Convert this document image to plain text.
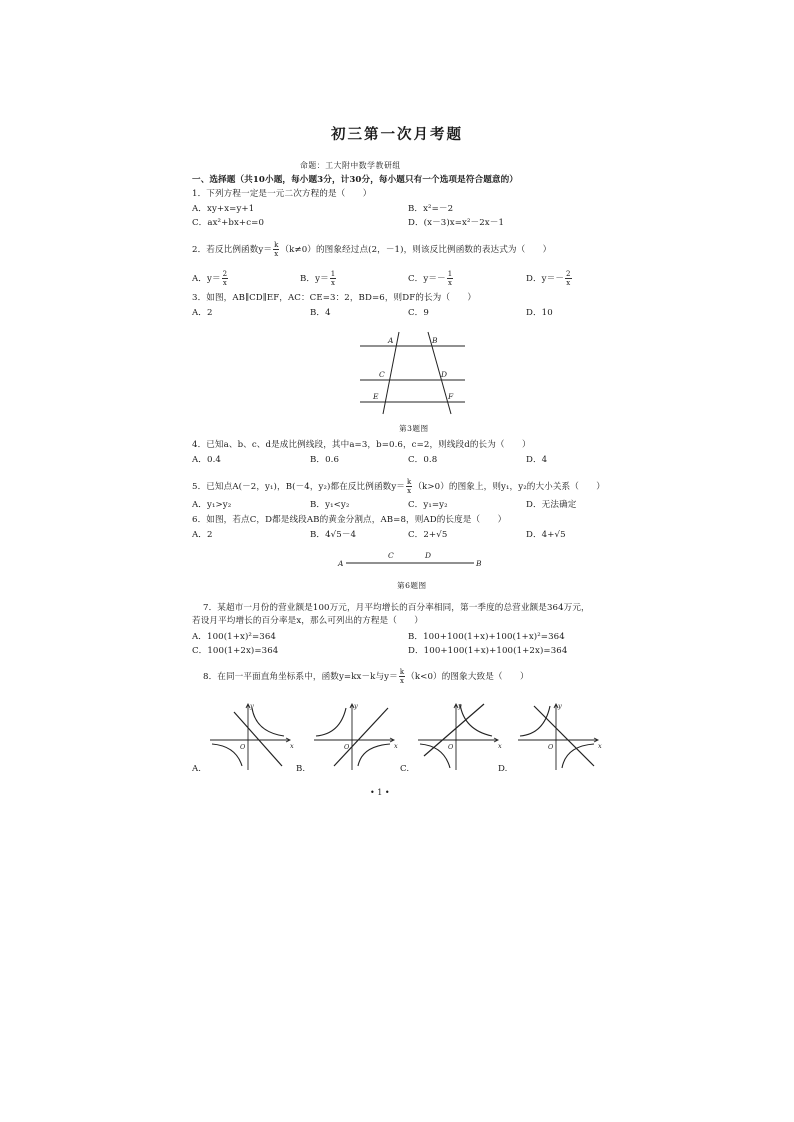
初三第一次月考题
命题：工大附中数学教研组
一、选择题（共10小题，每小题3分，计30分，每小题只有一个选项是符合题意的）
1．下列方程一定是一元二次方程的是（　　）
A．xy+x=y+1	B．x²=－2
C．ax²+bx+c=0	D．(x－3)x=x²－2x－1
2．若反比例函数$y= \frac{k}{x} (k\ne 0)$的图象经过点(2，－1)，则该反比例函数的表达式为（　　）
A．$y= \frac{2}{x}$	B．$y= \frac{1}{x}$	C．$y=- \frac{1}{x}$	D．$y=- \frac{2}{x}$
3．如图，AB∥CD∥EF，AC：CE=3：2，BD=6，则DF的长为（　　）
A．2	B．4	C．9	D．10
A	B
C	D
E	F
第3题图
4．已知a、b、c、d是成比例线段，其中a=3，b=0.6，c=2，则线段d的长为（　　）
A．0.4	B．0.6	C．0.8	D．4
5．已知点A(－2，y₁)，B(－4，y₂)都在反比例函数$y= \frac{k}{x} (k>0)$的图象上，则y₁，y₂的大小关系（　　）
A．y₁>y₂	B．y₁<y₂	C．y₁=y₂	D．无法确定
6．如图，若点C，D都是线段AB的黄金分割点，AB=8，则AD的长度是（　　）
A．2	B．4√5－4	C．2+√5	D．4+√5
A
C	D
B
第6题图
7．某超市一月份的营业额是100万元，月平均增长的百分率相同，第一季度的总营业额是364万元，
若设月平均增长的百分率是x，那么可列出的方程是（　　）
A．100(1+x)²=364	B．100+100(1+x)+100(1+x)²=364
C．100(1+2x)=364	D．100+100(1+x)+100(1+2x)=364
8．在同一平面直角坐标系中，函数y=kx－k与$y= \frac{k}{x} (k<0)$的图象大致是（　　）
y
x
O
y
x
O
y
x
O
y
x
O
A.	B.	C.	D.
• 1 •
